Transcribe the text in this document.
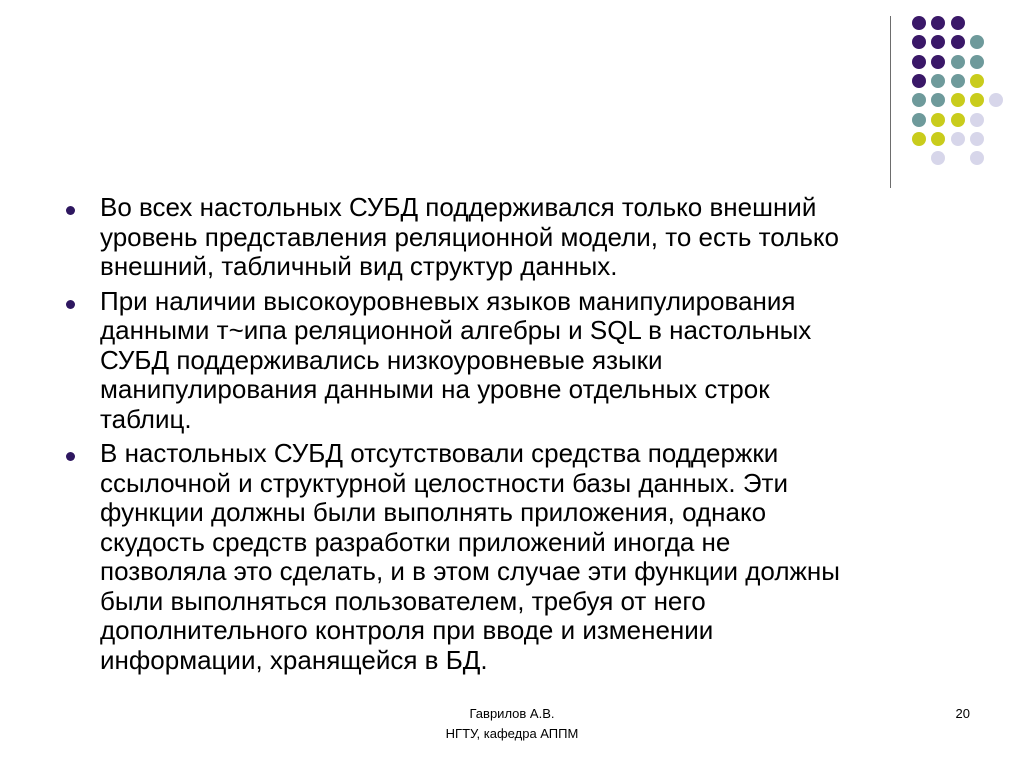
Во всех настольных СУБД поддерживался только внешний
уровень представления реляционной модели, то есть только
внешний, табличный вид структур данных.
При наличии высокоуровневых языков манипулирования
данными т~ипа реляционной алгебры и SQL в настольных
СУБД поддерживались низкоуровневые языки
манипулирования данными на уровне отдельных строк
таблиц.
В настольных СУБД отсутствовали средства поддержки
ссылочной и структурной целостности базы данных. Эти
функции должны были выполнять приложения, однако
скудость средств разработки приложений иногда не
позволяла это сделать, и в этом случае эти функции должны
были выполняться пользователем, требуя от него
дополнительного контроля при вводе и изменении
информации, хранящейся в БД.
Гаврилов А.В.
НГТУ, кафедра АППМ
20
